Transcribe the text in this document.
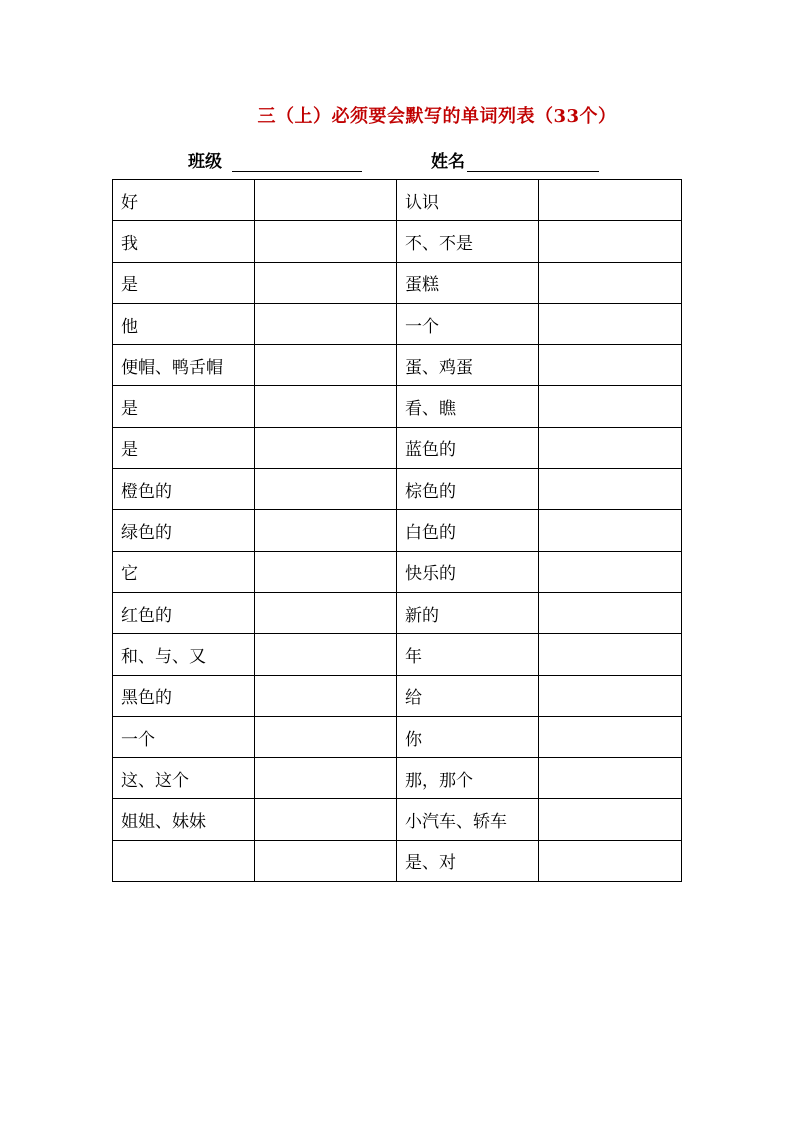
三（上）必须要会默写的单词列表（33个）
班级	姓名
好		认识	
我		不、不是	
是		蛋糕	
他		一个	
便帽、鸭舌帽		蛋、鸡蛋	
是		看、瞧	
是		蓝色的	
橙色的		棕色的	
绿色的		白色的	
它		快乐的	
红色的		新的	
和、与、又		年	
黑色的		给	
一个		你	
这、这个		那，那个	
姐姐、妹妹		小汽车、轿车	
		是、对	
